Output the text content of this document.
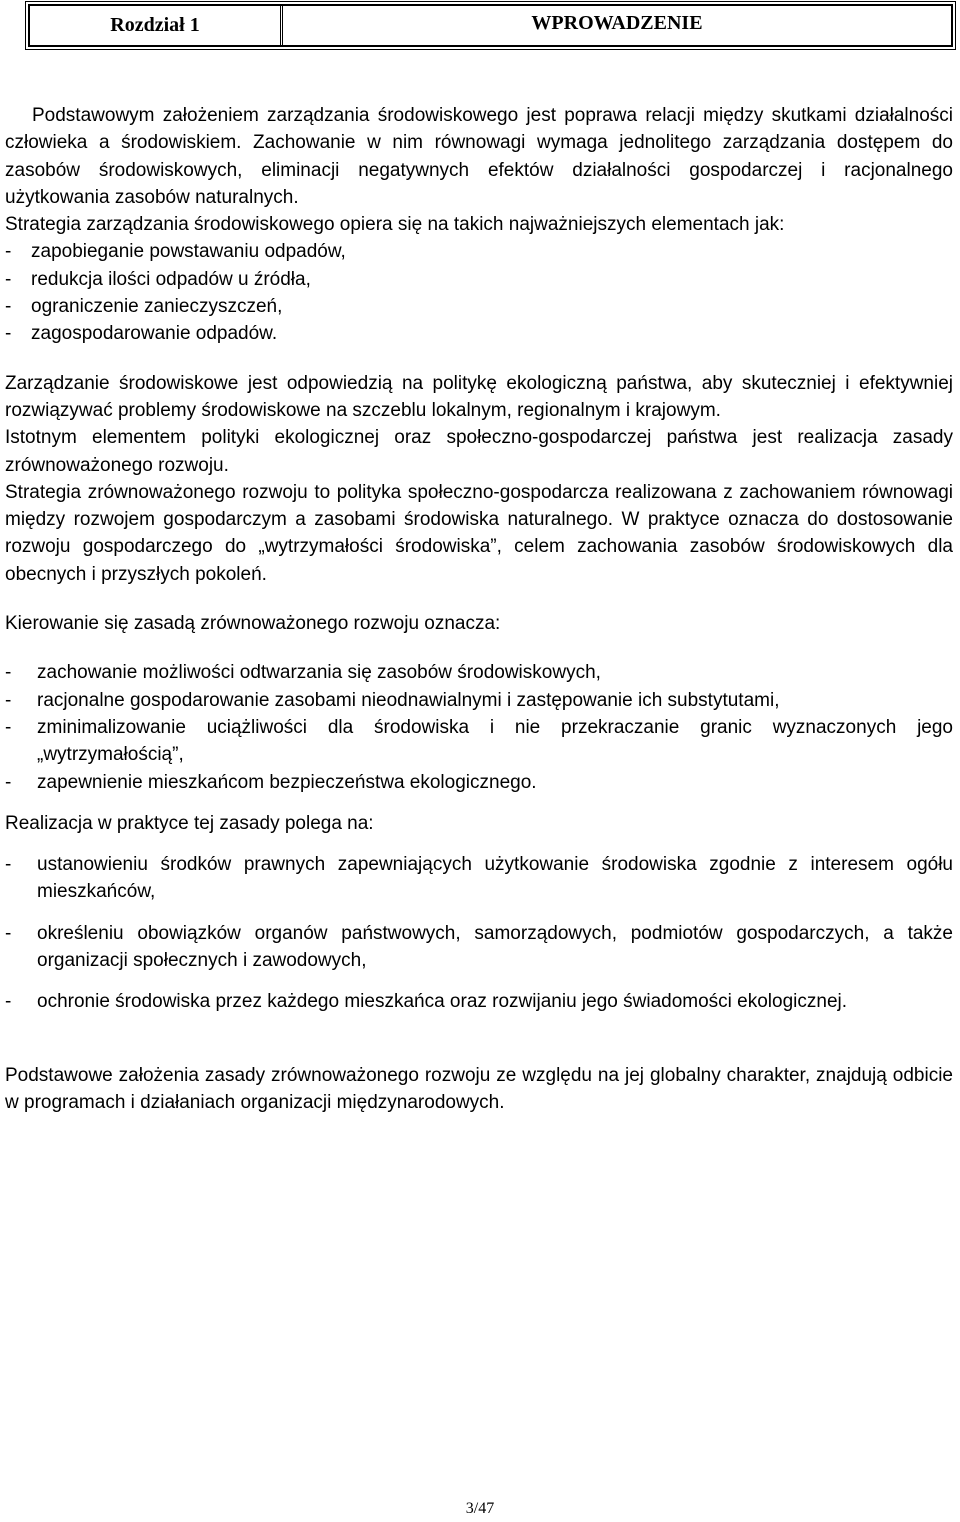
Rozdział 1	WPROWADZENIE

Podstawowym założeniem zarządzania środowiskowego jest poprawa relacji między skutkami działalności człowieka a środowiskiem. Zachowanie w nim równowagi wymaga jednolitego zarządzania dostępem do zasobów środowiskowych, eliminacji negatywnych efektów działalności gospodarczej i racjonalnego użytkowania zasobów naturalnych.

Strategia zarządzania środowiskowego opiera się na takich najważniejszych elementach jak:

- zapobieganie powstawaniu odpadów,
- redukcja ilości odpadów u źródła,
- ograniczenie zanieczyszczeń,
- zagospodarowanie odpadów.

Zarządzanie środowiskowe jest odpowiedzią na politykę ekologiczną państwa, aby skuteczniej i efektywniej rozwiązywać problemy środowiskowe na szczeblu lokalnym, regionalnym i krajowym.

Istotnym elementem polityki ekologicznej oraz społeczno-gospodarczej państwa jest realizacja zasady zrównoważonego rozwoju.

Strategia zrównoważonego rozwoju to polityka społeczno-gospodarcza realizowana z zachowaniem równowagi między rozwojem gospodarczym a zasobami środowiska naturalnego. W praktyce oznacza do dostosowanie rozwoju gospodarczego do „wytrzymałości środowiska”, celem zachowania zasobów środowiskowych dla obecnych i przyszłych pokoleń.

Kierowanie się zasadą zrównoważonego rozwoju oznacza:

- zachowanie możliwości odtwarzania się zasobów środowiskowych,
- racjonalne gospodarowanie zasobami nieodnawialnymi i zastępowanie ich substytutami,
- zminimalizowanie uciążliwości dla środowiska i nie przekraczanie granic wyznaczonych jego „wytrzymałością”,
- zapewnienie mieszkańcom bezpieczeństwa ekologicznego.

Realizacja w praktyce tej zasady polega na:

- ustanowieniu środków prawnych zapewniających użytkowanie środowiska zgodnie z interesem ogółu mieszkańców,
- określeniu obowiązków organów państwowych, samorządowych, podmiotów gospodarczych, a także organizacji społecznych i zawodowych,
- ochronie środowiska przez każdego mieszkańca oraz rozwijaniu jego świadomości ekologicznej.

Podstawowe założenia zasady zrównoważonego rozwoju ze względu na jej globalny charakter, znajdują odbicie w programach i działaniach organizacji międzynarodowych.

3/47
